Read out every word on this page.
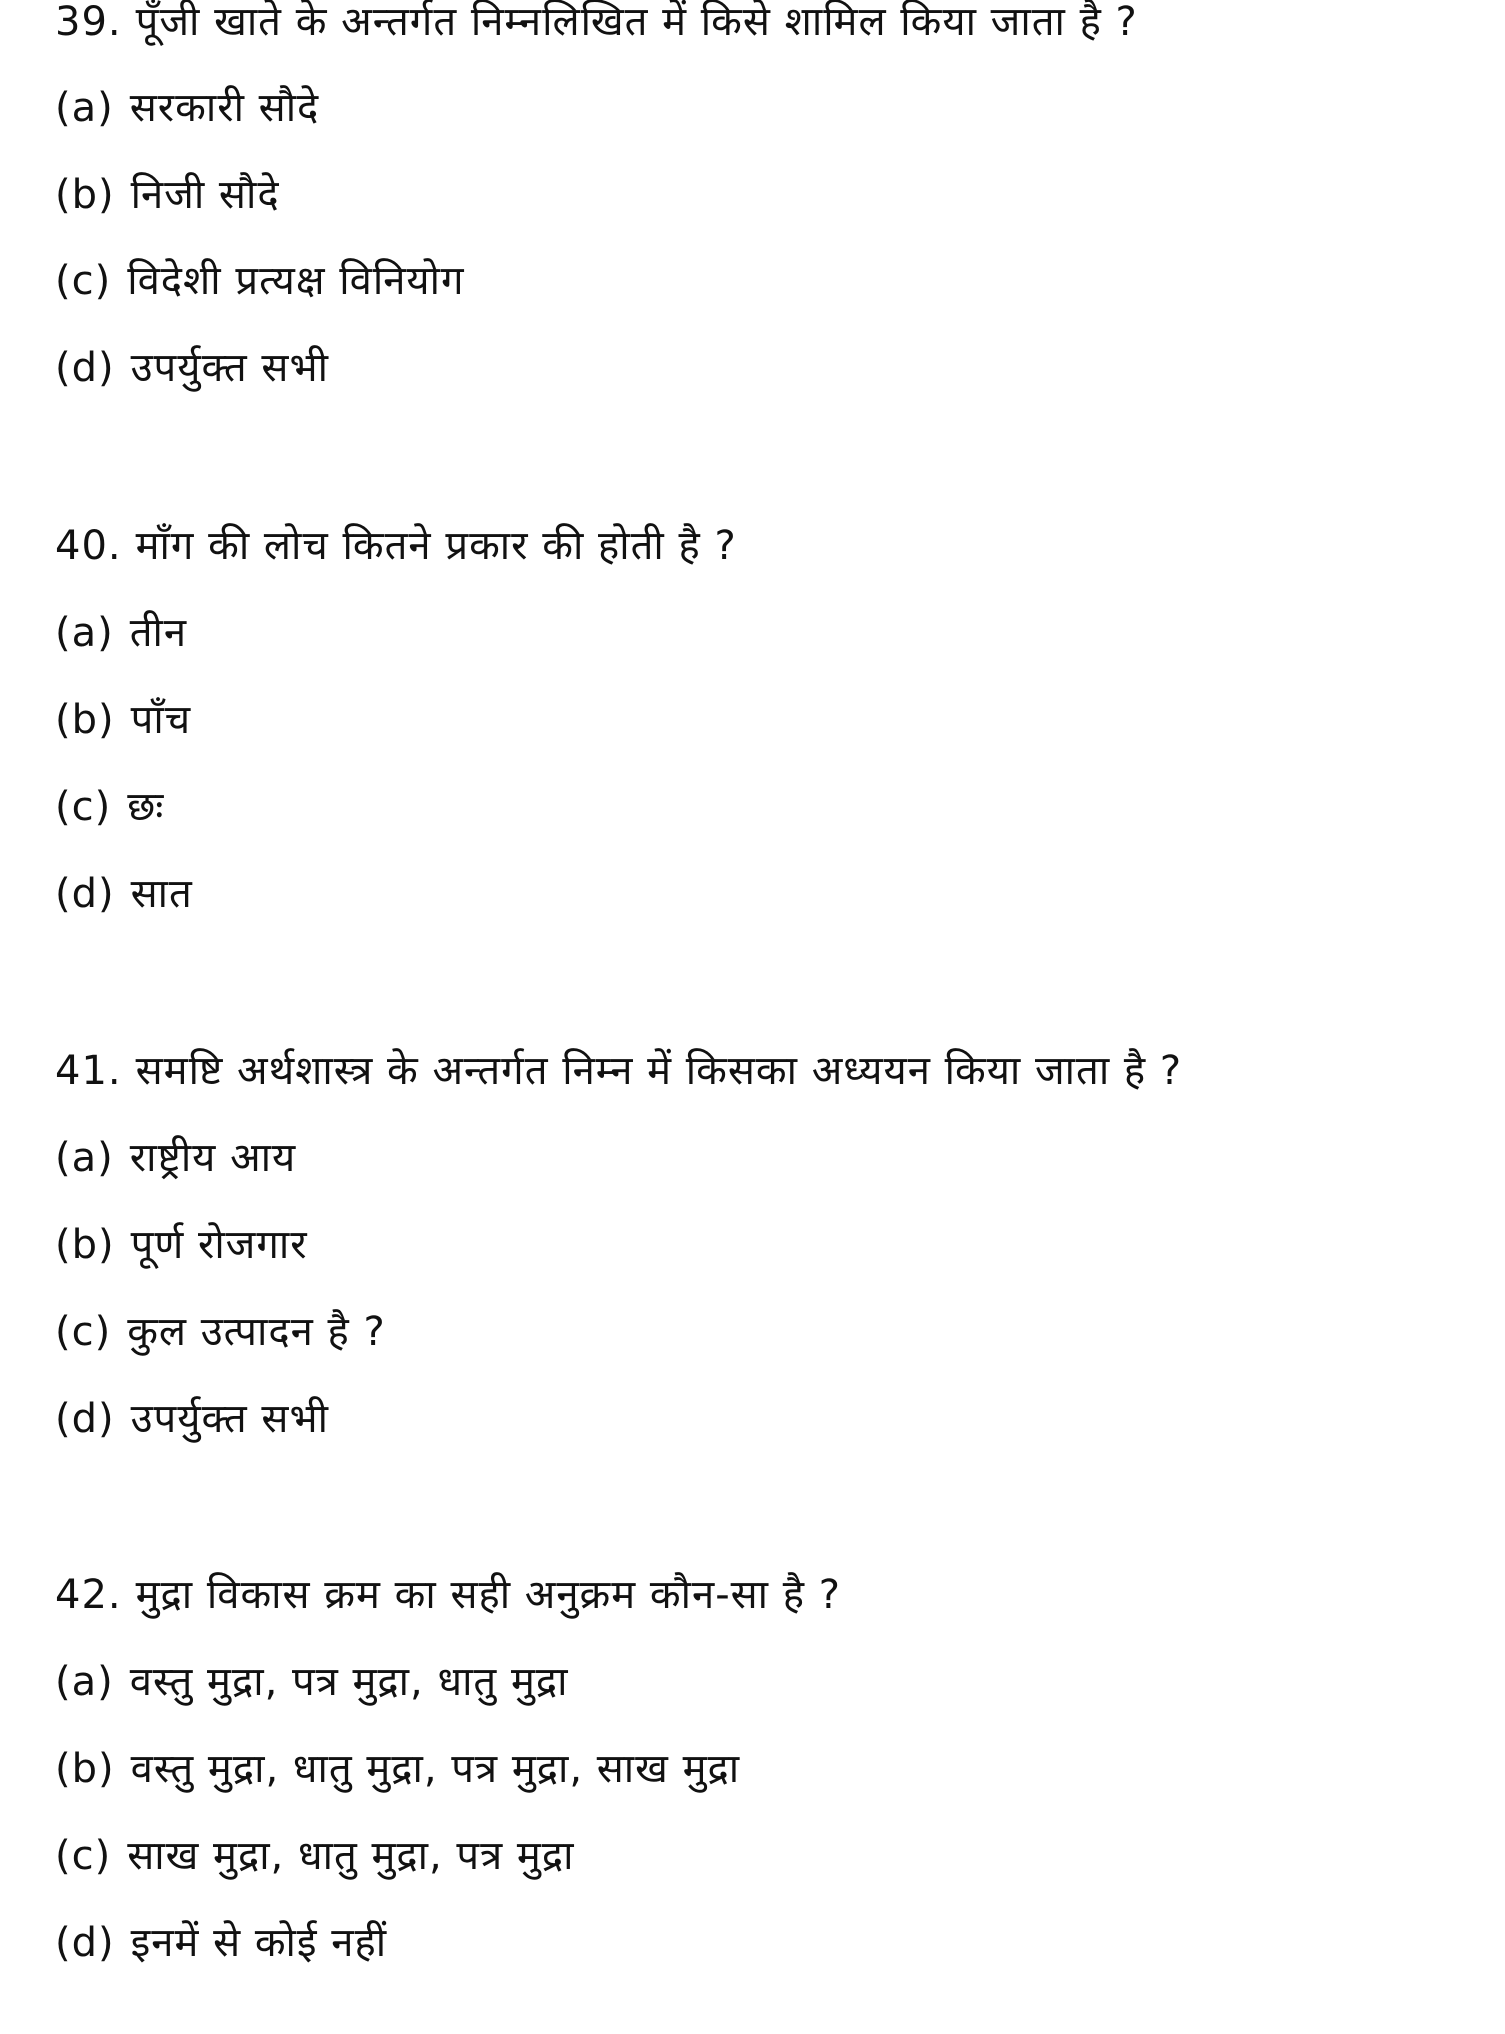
39. पूँजी खाते के अन्तर्गत निम्नलिखित में किसे शामिल किया जाता है ?
(a) सरकारी सौदे
(b) निजी सौदे
(c) विदेशी प्रत्यक्ष विनियोग
(d) उपर्युक्त सभी
40. माँग की लोच कितने प्रकार की होती है ?
(a) तीन
(b) पाँच
(c) छः
(d) सात
41. समष्टि अर्थशास्त्र के अन्तर्गत निम्न में किसका अध्ययन किया जाता है ?
(a) राष्ट्रीय आय
(b) पूर्ण रोजगार
(c) कुल उत्पादन है ?
(d) उपर्युक्त सभी
42. मुद्रा विकास क्रम का सही अनुक्रम कौन-सा है ?
(a) वस्तु मुद्रा, पत्र मुद्रा, धातु मुद्रा
(b) वस्तु मुद्रा, धातु मुद्रा, पत्र मुद्रा, साख मुद्रा
(c) साख मुद्रा, धातु मुद्रा, पत्र मुद्रा
(d) इनमें से कोई नहीं
